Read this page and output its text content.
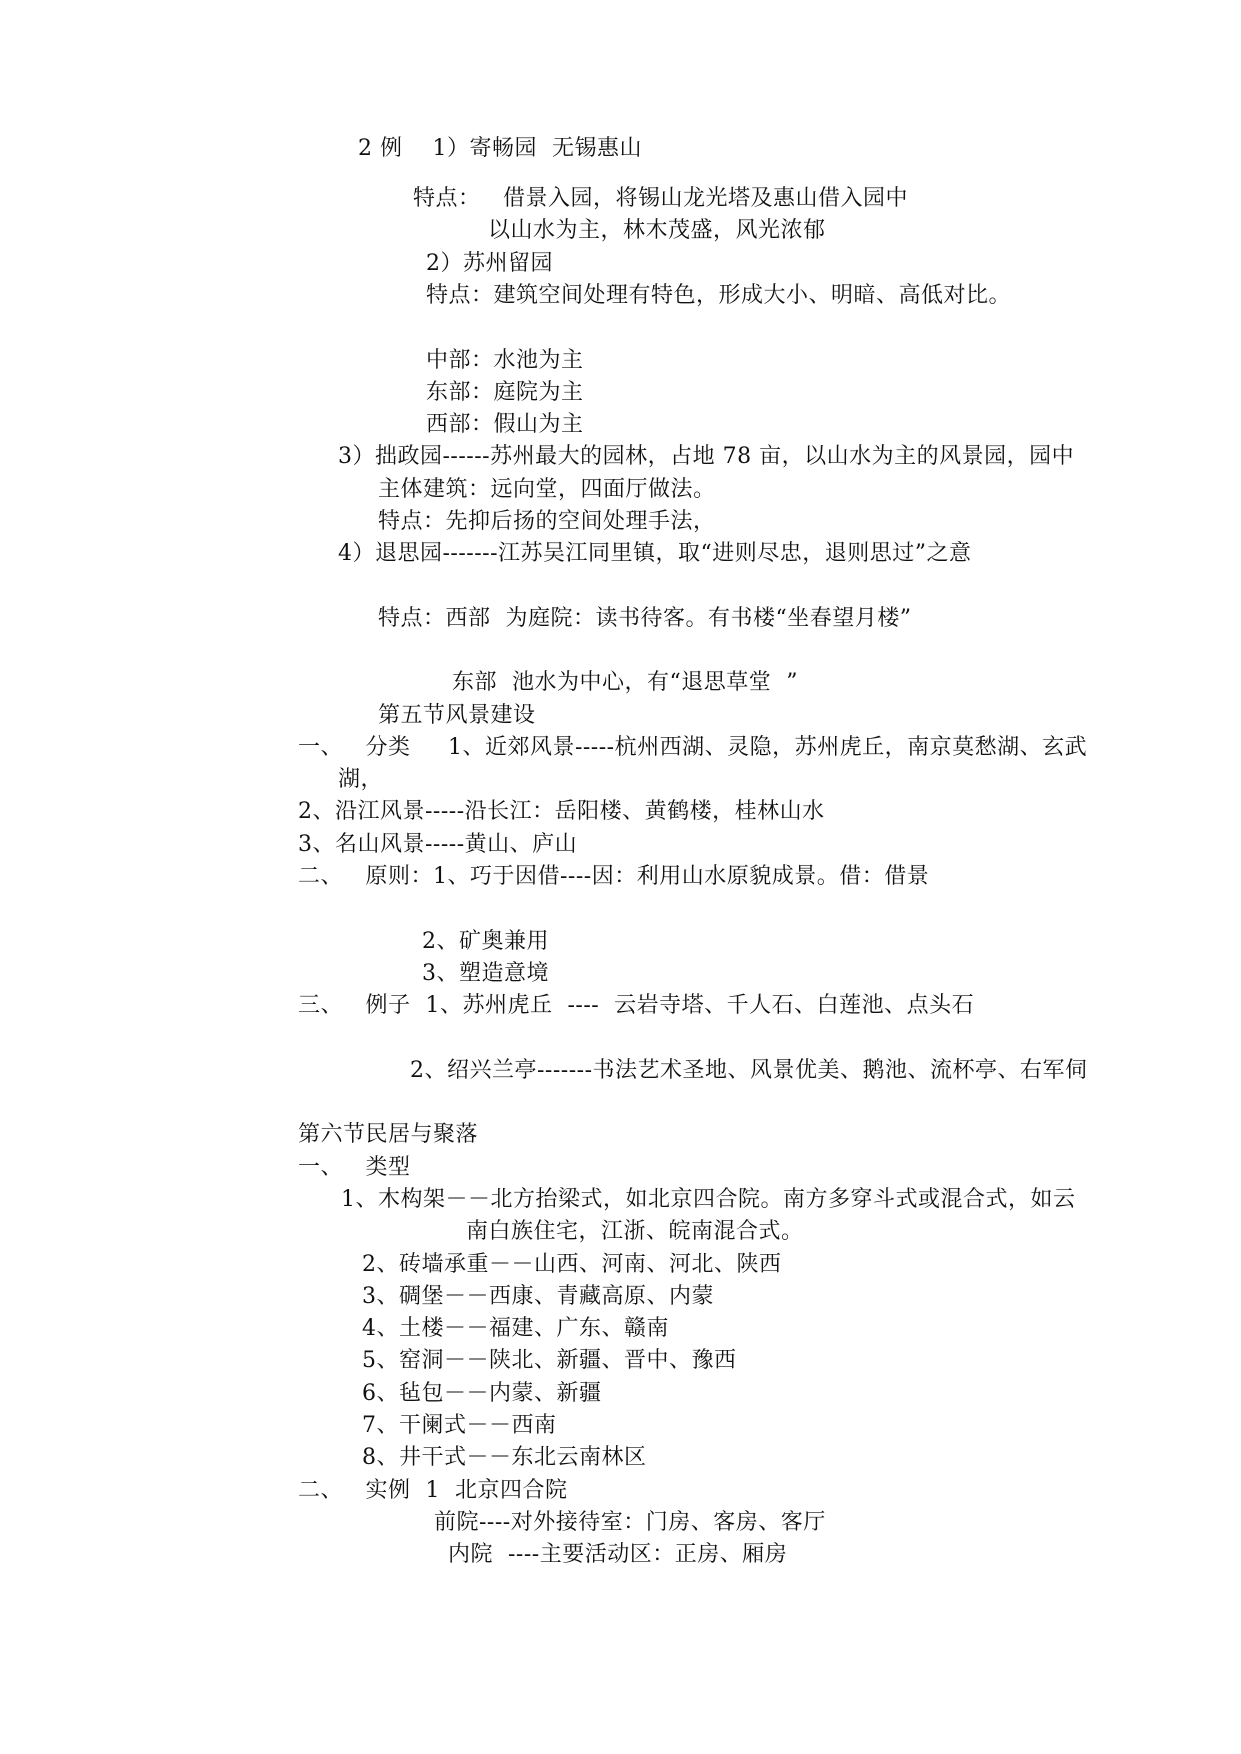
2 例    1）寄畅园  无锡惠山
特点：   借景入园，将锡山龙光塔及惠山借入园中
以山水为主，林木茂盛，风光浓郁
2）苏州留园
特点：建筑空间处理有特色，形成大小、明暗、高低对比。
中部：水池为主
东部：庭院为主
西部：假山为主
3）拙政园------苏州最大的园林，占地 78 亩，以山水为主的风景园，园中
主体建筑：远向堂，四面厅做法。
特点：先抑后扬的空间处理手法，
4）退思园-------江苏吴江同里镇，取“进则尽忠，退则思过”之意
特点：西部  为庭院：读书待客。有书楼“坐春望月楼”
东部  池水为中心，有“退思草堂  ”
第五节风景建设
一、   分类     1、近郊风景-----杭州西湖、灵隐，苏州虎丘，南京莫愁湖、玄武
湖，
2、沿江风景-----沿长江：岳阳楼、黄鹤楼，桂林山水
3、名山风景-----黄山、庐山
二、   原则：1、巧于因借----因：利用山水原貌成景。借：借景
2、矿奥兼用
3、塑造意境
三、   例子  1、苏州虎丘  ----  云岩寺塔、千人石、白莲池、点头石
2、绍兴兰亭-------书法艺术圣地、风景优美、鹅池、流杯亭、右军伺
第六节民居与聚落
一、   类型
1、木构架－－北方抬梁式，如北京四合院。南方多穿斗式或混合式，如云
南白族住宅，江浙、皖南混合式。
2、砖墙承重－－山西、河南、河北、陕西
3、碉堡－－西康、青藏高原、内蒙
4、土楼－－福建、广东、赣南
5、窑洞－－陕北、新疆、晋中、豫西
6、毡包－－内蒙、新疆
7、干阑式－－西南
8、井干式－－东北云南林区
二、   实例  1  北京四合院
前院----对外接待室：门房、客房、客厅
内院  ----主要活动区：正房、厢房
